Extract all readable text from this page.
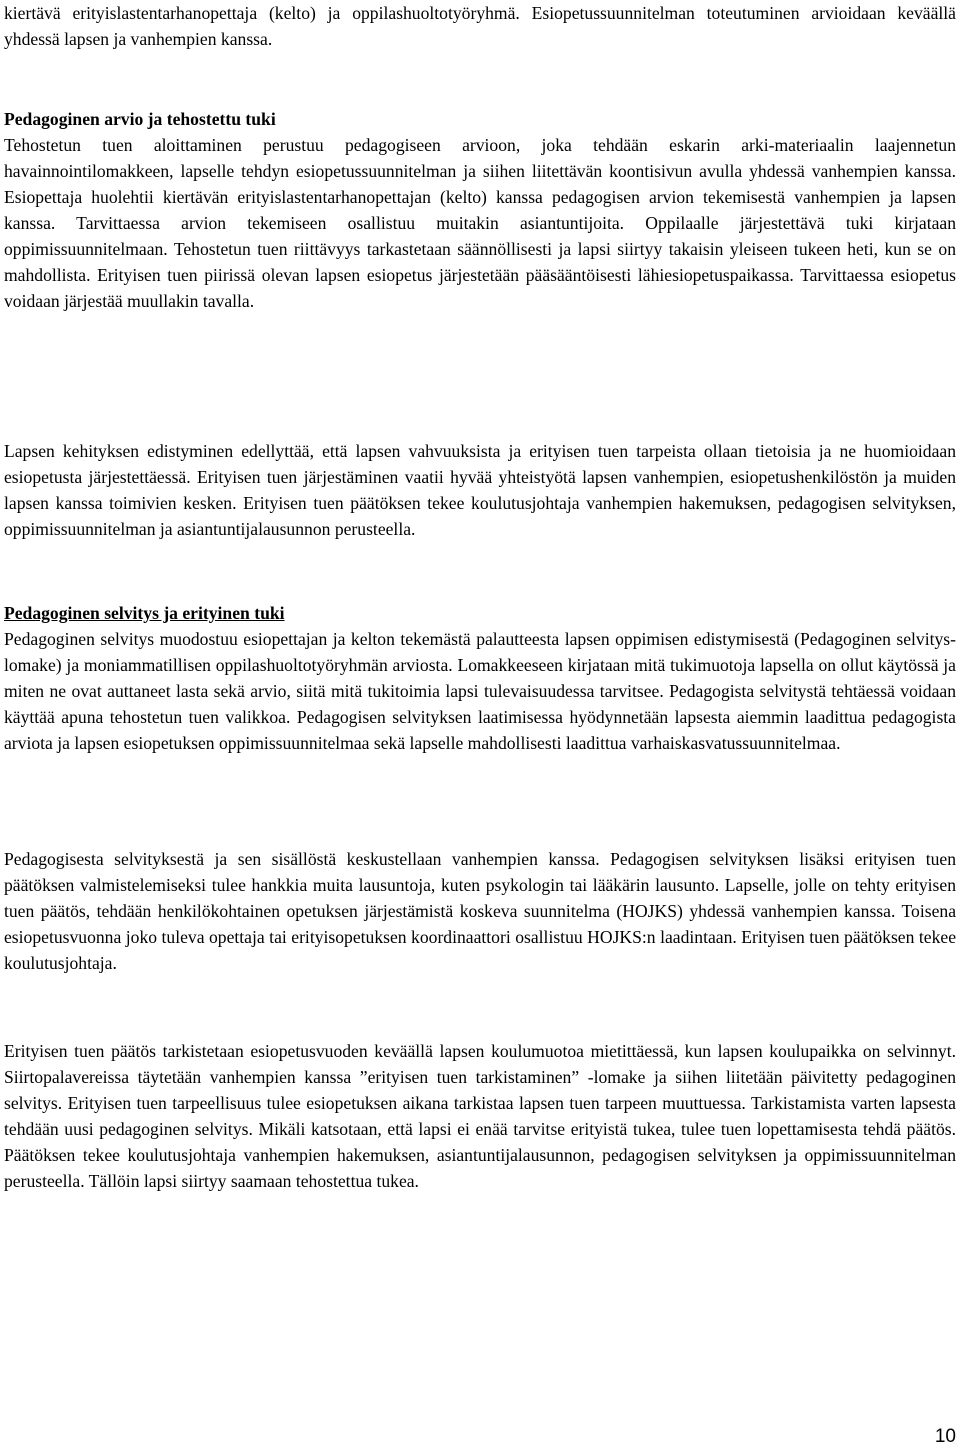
kiertävä erityislastentarhanopettaja (kelto) ja oppilashuoltotyöryhmä. Esiopetussuunnitelman toteutuminen arvioidaan keväällä yhdessä lapsen ja vanhempien kanssa.

Pedagoginen arvio ja tehostettu tuki

Tehostetun tuen aloittaminen perustuu pedagogiseen arvioon, joka tehdään eskarin arki-materiaalin laajennetun havainnointilomakkeen, lapselle tehdyn esiopetussuunnitelman ja siihen liitettävän koontisivun avulla yhdessä vanhempien kanssa. Esiopettaja huolehtii kiertävän erityislastentarhanopettajan (kelto) kanssa pedagogisen arvion tekemisestä vanhempien ja lapsen kanssa. Tarvittaessa arvion tekemiseen osallistuu muitakin asiantuntijoita. Oppilaalle järjestettävä tuki kirjataan oppimissuunnitelmaan. Tehostetun tuen riittävyys tarkastetaan säännöllisesti ja lapsi siirtyy takaisin yleiseen tukeen heti, kun se on mahdollista. Erityisen tuen piirissä olevan lapsen esiopetus järjestetään pääsääntöisesti lähiesiopetuspaikassa. Tarvittaessa esiopetus voidaan järjestää muullakin tavalla.

Lapsen kehityksen edistyminen edellyttää, että lapsen vahvuuksista ja erityisen tuen tarpeista ollaan tietoisia ja ne huomioidaan esiopetusta järjestettäessä. Erityisen tuen järjestäminen vaatii hyvää yhteistyötä lapsen vanhempien, esiopetushenkilöstön ja muiden lapsen kanssa toimivien kesken. Erityisen tuen päätöksen tekee koulutusjohtaja vanhempien hakemuksen, pedagogisen selvityksen, oppimissuunnitelman ja asiantuntijalausunnon perusteella.

Pedagoginen selvitys ja erityinen tuki

Pedagoginen selvitys muodostuu esiopettajan ja kelton tekemästä palautteesta lapsen oppimisen edistymisestä (Pedagoginen selvitys-lomake) ja moniammatillisen oppilashuoltotyöryhmän arviosta. Lomakkeeseen kirjataan mitä tukimuotoja lapsella on ollut käytössä ja miten ne ovat auttaneet lasta sekä arvio, siitä mitä tukitoimia lapsi tulevaisuudessa tarvitsee. Pedagogista selvitystä tehtäessä voidaan käyttää apuna tehostetun tuen valikkoa. Pedagogisen selvityksen laatimisessa hyödynnetään lapsesta aiemmin laadittua pedagogista arviota ja lapsen esiopetuksen oppimissuunnitelmaa sekä lapselle mahdollisesti laadittua varhaiskasvatussuunnitelmaa.

Pedagogisesta selvityksestä ja sen sisällöstä keskustellaan vanhempien kanssa. Pedagogisen selvityksen lisäksi erityisen tuen päätöksen valmistelemiseksi tulee hankkia muita lausuntoja, kuten psykologin tai lääkärin lausunto. Lapselle, jolle on tehty erityisen tuen päätös, tehdään henkilökohtainen opetuksen järjestämistä koskeva suunnitelma (HOJKS) yhdessä vanhempien kanssa. Toisena esiopetusvuonna joko tuleva opettaja tai erityisopetuksen koordinaattori osallistuu HOJKS:n laadintaan. Erityisen tuen päätöksen tekee koulutusjohtaja.

Erityisen tuen päätös tarkistetaan esiopetusvuoden keväällä lapsen koulumuotoa mietittäessä, kun lapsen koulupaikka on selvinnyt. Siirtopalavereissa täytetään vanhempien kanssa ”erityisen tuen tarkistaminen” -lomake ja siihen liitetään päivitetty pedagoginen selvitys. Erityisen tuen tarpeellisuus tulee esiopetuksen aikana tarkistaa lapsen tuen tarpeen muuttuessa. Tarkistamista varten lapsesta tehdään uusi pedagoginen selvitys. Mikäli katsotaan, että lapsi ei enää tarvitse erityistä tukea, tulee tuen lopettamisesta tehdä päätös. Päätöksen tekee koulutusjohtaja vanhempien hakemuksen, asiantuntijalausunnon, pedagogisen selvityksen ja oppimissuunnitelman perusteella. Tällöin lapsi siirtyy saamaan tehostettua tukea.

10
